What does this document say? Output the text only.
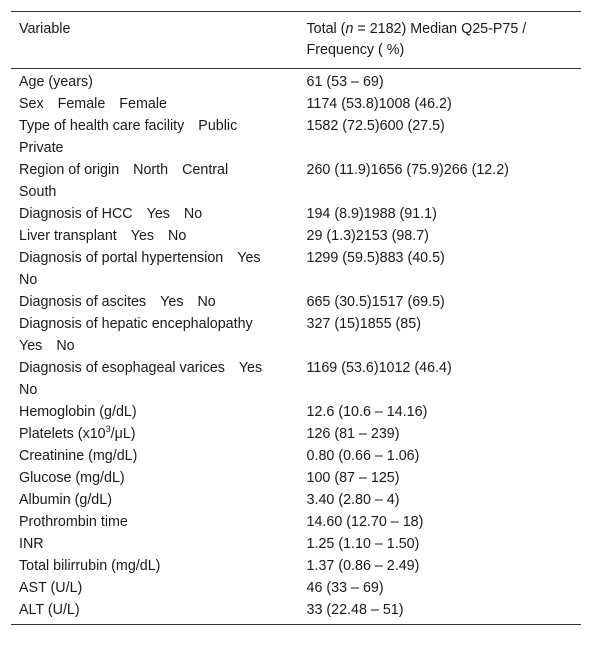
Variable	Total (n = 2182) Median Q25-P75 / Frequency ( %)
Age (years)	61 (53 – 69)
Sex Female Female	1174 (53.8)1008 (46.2)
Type of health care facility Public Private	1582 (72.5)600 (27.5)
Region of origin North Central South	260 (11.9)1656 (75.9)266 (12.2)
Diagnosis of HCC Yes No	194 (8.9)1988 (91.1)
Liver transplant Yes No	29 (1.3)2153 (98.7)
Diagnosis of portal hypertension Yes No	1299 (59.5)883 (40.5)
Diagnosis of ascites Yes No	665 (30.5)1517 (69.5)
Diagnosis of hepatic encephalopathy Yes No	327 (15)1855 (85)
Diagnosis of esophageal varices Yes No	1169 (53.6)1012 (46.4)
Hemoglobin (g/dL)	12.6 (10.6 – 14.16)
Platelets $(x10^3/\mu L)$	126 (81 – 239)
Creatinine (mg/dL)	0.80 (0.66 – 1.06)
Glucose (mg/dL)	100 (87 – 125)
Albumin (g/dL)	3.40 (2.80 – 4)
Prothrombin time	14.60 (12.70 – 18)
INR	1.25 (1.10 – 1.50)
Total bilirrubin (mg/dL)	1.37 (0.86 – 2.49)
AST (U/L)	46 (33 – 69)
ALT (U/L)	33 (22.48 – 51)
